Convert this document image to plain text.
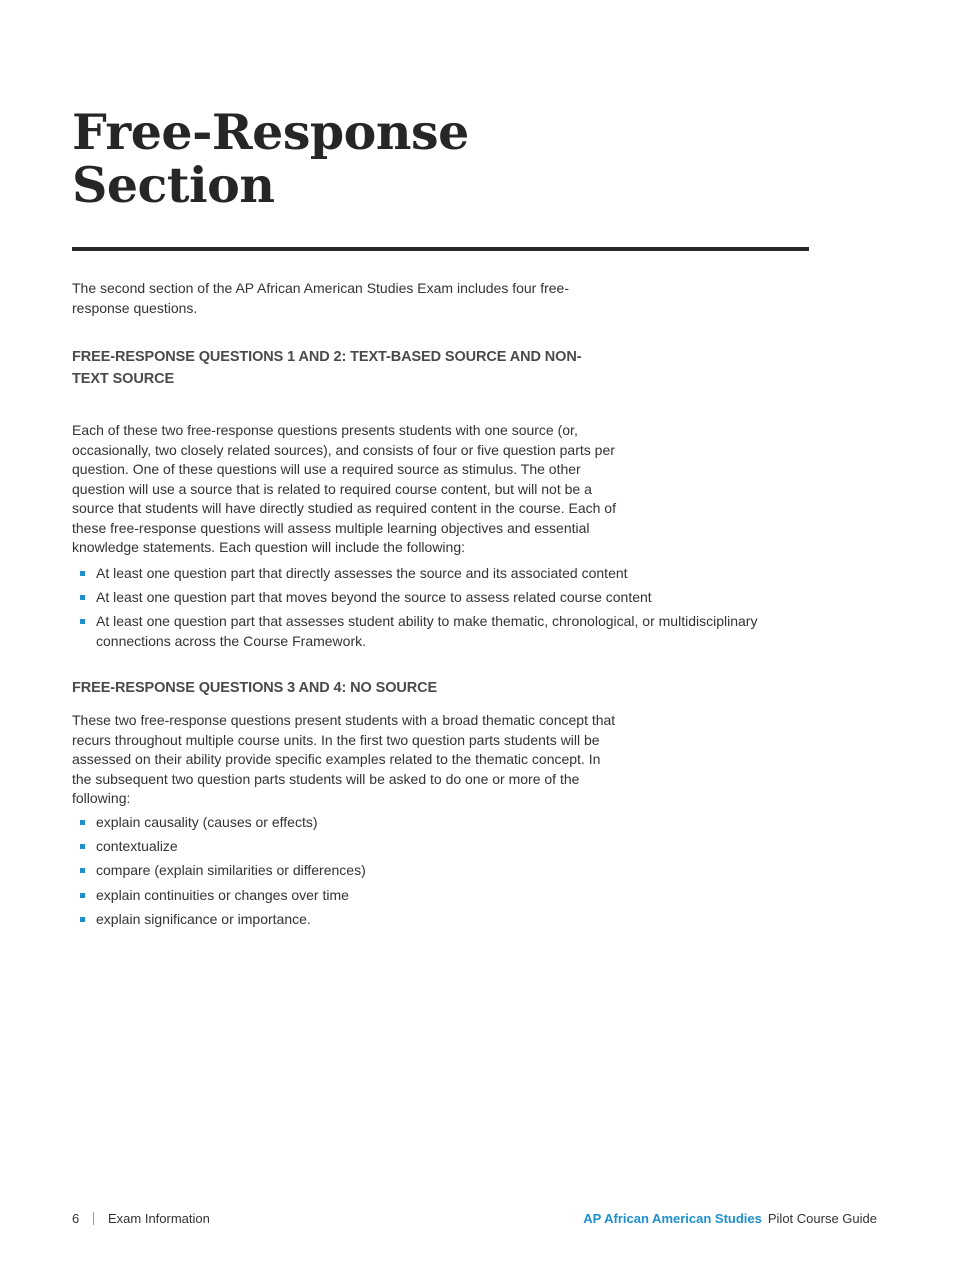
Free-Response
Section

The second section of the AP African American Studies Exam includes four free-response questions.

FREE-RESPONSE QUESTIONS 1 AND 2: TEXT-BASED SOURCE AND NON-TEXT SOURCE

Each of these two free-response questions presents students with one source (or, occasionally, two closely related sources), and consists of four or five question parts per question. One of these questions will use a required source as stimulus. The other question will use a source that is related to required course content, but will not be a source that students will have directly studied as required content in the course. Each of these free-response questions will assess multiple learning objectives and essential knowledge statements. Each question will include the following:

At least one question part that directly assesses the source and its associated content
At least one question part that moves beyond the source to assess related course content
At least one question part that assesses student ability to make thematic, chronological, or multidisciplinary connections across the Course Framework.
FREE-RESPONSE QUESTIONS 3 AND 4: NO SOURCE

These two free-response questions present students with a broad thematic concept that recurs throughout multiple course units. In the first two question parts students will be assessed on their ability provide specific examples related to the thematic concept. In the subsequent two question parts students will be asked to do one or more of the following:

explain causality (causes or effects)
contextualize
compare (explain similarities or differences)
explain continuities or changes over time
explain significance or importance.
6 Exam Information	AP African American Studies Pilot Course Guide
